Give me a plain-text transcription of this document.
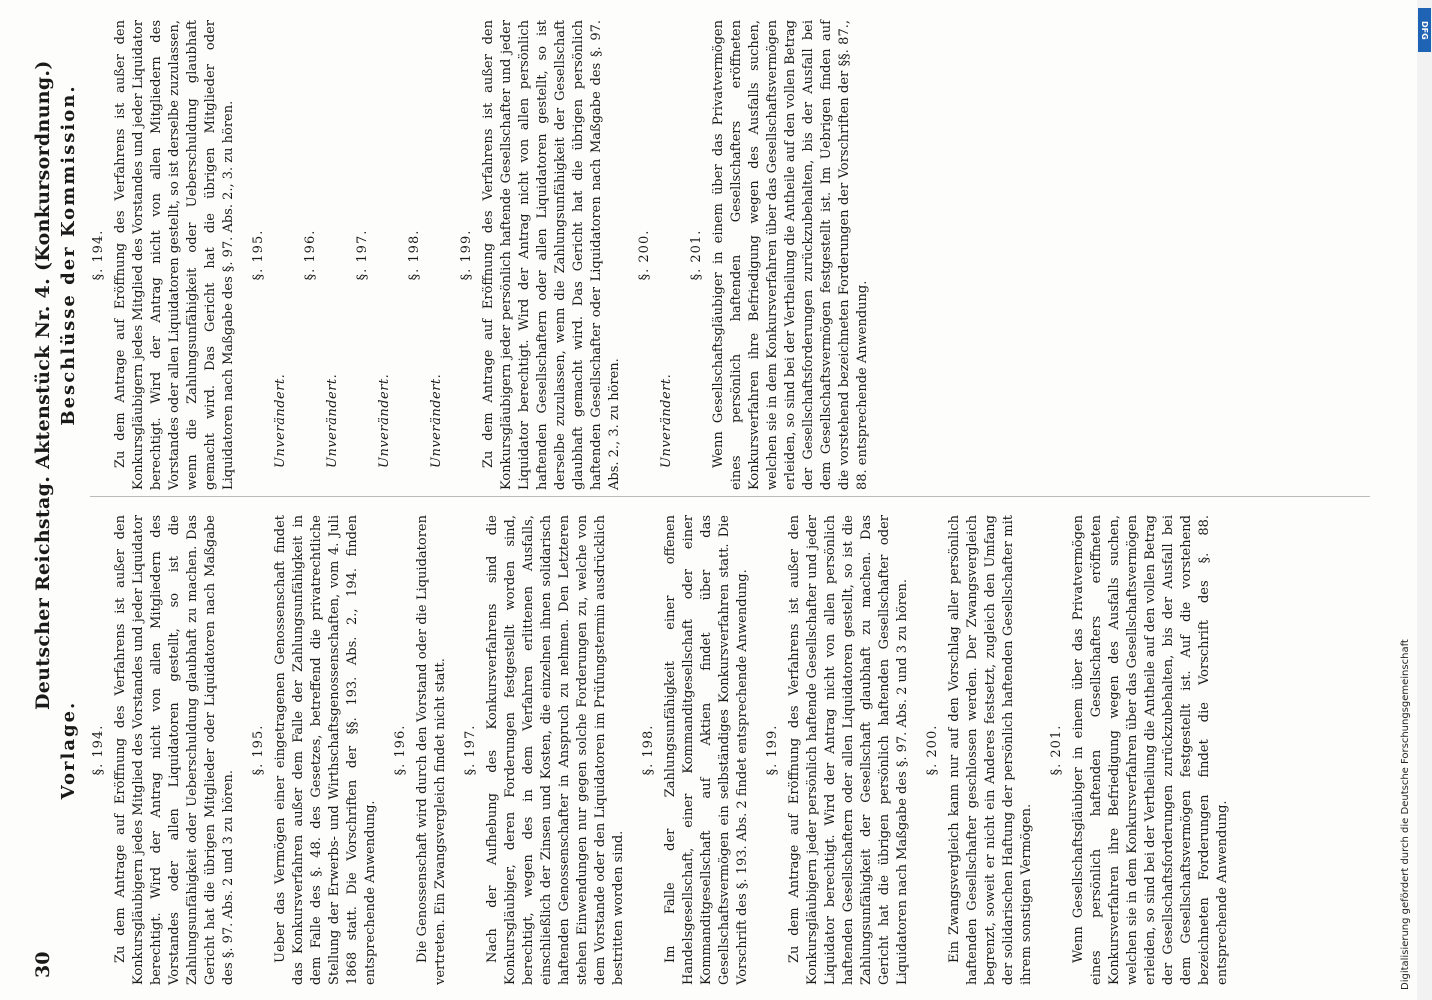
30
Deutscher Reichstag. Aktenstück Nr. 4. (Konkursordnung.)
Vorlage. §. 194. Zu dem Antrage auf Eröffnung des Verfahrens ist außer den Konkursgläubigern jedes Mitglied des Vorstandes und jeder Liquidator berechtigt. Wird der Antrag nicht von allen Mitgliedern des Vorstandes oder allen Liquidatoren gestellt, so ist die Zahlungsunfähigkeit oder Ueberschuldung glaubhaft zu machen. Das Gericht hat die übrigen Mitglieder oder Liquidatoren nach Maßgabe des §. 97. Abs. 2 und 3 zu hören.

§. 195. Ueber das Vermögen einer eingetragenen Genossenschaft findet das Konkursverfahren außer dem Falle der Zahlungsunfähigkeit in dem Falle des §. 48. des Gesetzes, betreffend die privatrechtliche Stellung der Erwerbs- und Wirthschaftsgenossenschaften, vom 4. Juli 1868 statt. Die Vorschriften der §§. 193. Abs. 2., 194. finden entsprechende Anwendung.

§. 196. Die Genossenschaft wird durch den Vorstand oder die Liquidatoren vertreten. Ein Zwangsvergleich findet nicht statt. §. 197. Nach der Aufhebung des Konkursverfahrens sind die Konkursgläubiger, deren Forderungen festgestellt worden sind, berechtigt, wegen des in dem Verfahren erlittenen Ausfalls, einschließlich der Zinsen und Kosten, die einzelnen ihnen solidarisch haftenden Genossenschafter in Anspruch zu nehmen. Den Letzteren stehen Einwendungen nur gegen solche Forderungen zu, welche von dem Vorstande oder den Liquidatoren im Prüfungstermin ausdrücklich bestritten worden sind.

§. 198. Im Falle der Zahlungsunfähigkeit einer offenen Handelsgesellschaft, einer Kommanditgesellschaft oder einer Kommanditgesellschaft auf Aktien findet über das Gesellschaftsvermögen ein selbständiges Konkursverfahren statt. Die Vorschrift des §. 193. Abs. 2 findet entsprechende Anwendung. §. 199. Zu dem Antrage auf Eröffnung des Verfahrens ist außer den Konkursgläubigern jeder persönlich haftende Gesellschafter und jeder Liquidator berechtigt. Wird der Antrag nicht von allen persönlich haftenden Gesellschaftern oder allen Liquidatoren gestellt, so ist die Zahlungsunfähigkeit der Gesellschaft glaubhaft zu machen. Das Gericht hat die übrigen persönlich haftenden Gesellschafter oder Liquidatoren nach Maßgabe des §. 97. Abs. 2 und 3 zu hören. §. 200. Ein Zwangsvergleich kann nur auf den Vorschlag aller persönlich haftenden Gesellschafter geschlossen werden. Der Zwangsvergleich begrenzt, soweit er nicht ein Anderes festsetzt, zugleich den Umfang der solidarischen Haftung der persönlich haftenden Gesellschafter mit ihrem sonstigen Vermögen.

§. 201. Wenn Gesellschaftsgläubiger in einem über das Privatvermögen eines persönlich haftenden Gesellschafters eröffneten Konkursverfahren ihre Befriedigung wegen des Ausfalls suchen, welchen sie in dem Konkursverfahren über das Gesellschaftsvermögen erleiden, so sind bei der Vertheilung die Antheile auf den vollen Betrag der Gesellschaftsforderungen zurückzubehalten, bis der Ausfall bei dem Gesellschaftsvermögen festgestellt ist. Auf die vorstehend bezeichneten Forderungen findet die Vorschrift des §. 88. entsprechende Anwendung.

Beschlüsse der Kommission. §. 194. Zu dem Antrage auf Eröffnung des Verfahrens ist außer den Konkursgläubigern jedes Mitglied des Vorstandes und jeder Liquidator berechtigt. Wird der Antrag nicht von allen Mitgliedern des Vorstandes oder allen Liquidatoren gestellt, so ist derselbe zuzulassen, wenn die Zahlungsunfähigkeit oder Ueberschuldung glaubhaft gemacht wird. Das Gericht hat die übrigen Mitglieder oder Liquidatoren nach Maßgabe des §. 97. Abs. 2., 3. zu hören. §. 195.

Unverändert.

§. 196.

Unverändert.

§. 197.

Unverändert.

§. 198.

Unverändert.

§. 199. Zu dem Antrage auf Eröffnung des Verfahrens ist außer den Konkursgläubigern jeder persönlich haftende Gesellschafter und jeder Liquidator berechtigt. Wird der Antrag nicht von allen persönlich haftenden Gesellschaftern oder allen Liquidatoren gestellt, so ist derselbe zuzulassen, wenn die Zahlungsunfähigkeit der Gesellschaft glaubhaft gemacht wird. Das Gericht hat die übrigen persönlich haftenden Gesellschafter oder Liquidatoren nach Maßgabe des §. 97. Abs. 2., 3. zu hören.

§. 200.

Unverändert.

§. 201. Wenn Gesellschaftsgläubiger in einem über das Privatvermögen eines persönlich haftenden Gesellschafters eröffneten Konkursverfahren ihre Befriedigung wegen des Ausfalls suchen, welchen sie in dem Konkursverfahren über das Gesellschaftsvermögen erleiden, so sind bei der Vertheilung die Antheile auf den vollen Betrag der Gesellschaftsforderungen zurückzubehalten, bis der Ausfall bei dem Gesellschaftsvermögen festgestellt ist. Im Uebrigen finden auf die vorstehend bezeichneten Forderungen der Vorschriften der §§. 87., 88. entsprechende Anwendung.

Digitalisierung gefördert durch die Deutsche Forschungsgemeinschaft
DFG
